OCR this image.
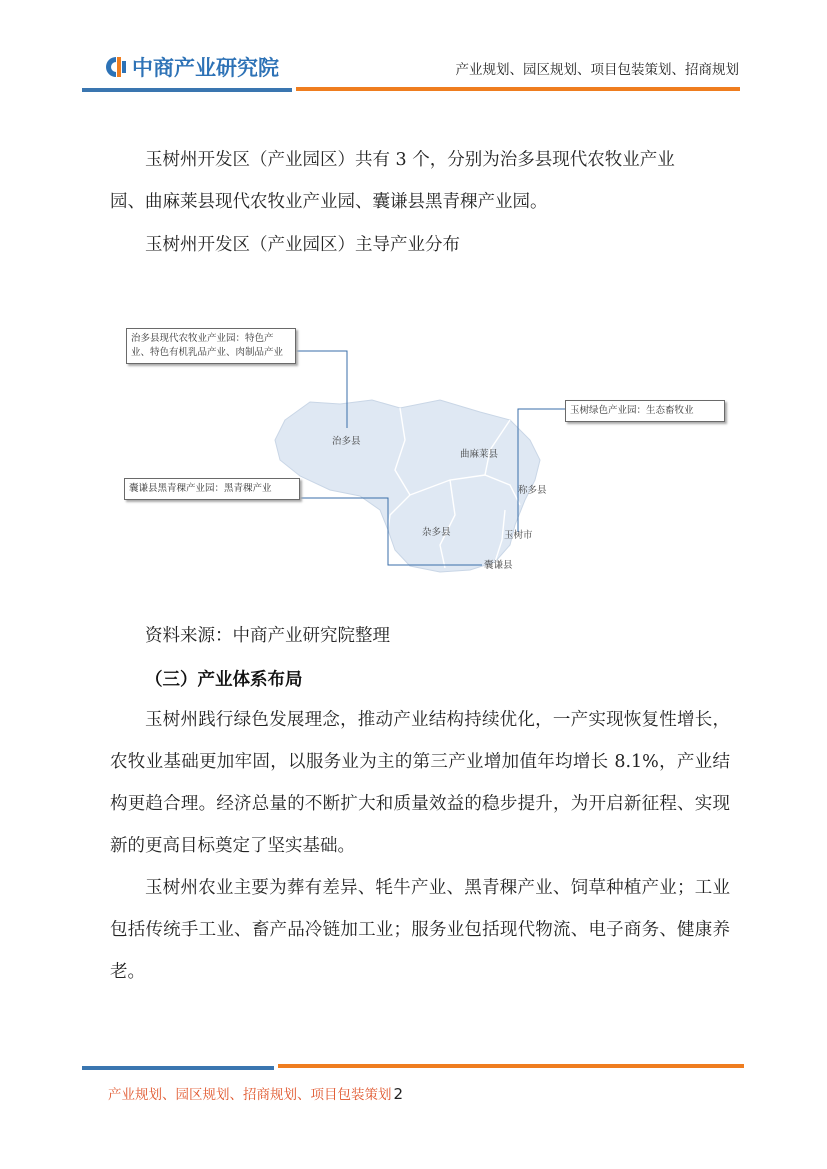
中商产业研究院	产业规划、园区规划、项目包装策划、招商规划
玉树州开发区（产业园区）共有 3 个，分别为治多县现代农牧业产业
园、曲麻莱县现代农牧业产业园、囊谦县黑青稞产业园。
玉树州开发区（产业园区）主导产业分布
治多县现代农牧业产业园：特色产业、特色有机乳品产业、肉制品产业
玉树绿色产业园：生态畜牧业
囊谦县黑青稞产业园：黑青稞产业
治多县
曲麻莱县
称多县
杂多县	玉树市
囊谦县
资料来源：中商产业研究院整理
（三）产业体系布局

玉树州践行绿色发展理念，推动产业结构持续优化，一产实现恢复性增长，农牧业基础更加牢固，以服务业为主的第三产业增加值年均增长 8.1%，产业结构更趋合理。经济总量的不断扩大和质量效益的稳步提升，为开启新征程、实现新的更高目标奠定了坚实基础。

玉树州农业主要为葬有差异、牦牛产业、黑青稞产业、饲草种植产业；工业包括传统手工业、畜产品冷链加工业；服务业包括现代物流、电子商务、健康养老。

产业规划、园区规划、招商规划、项目包装策划 2
